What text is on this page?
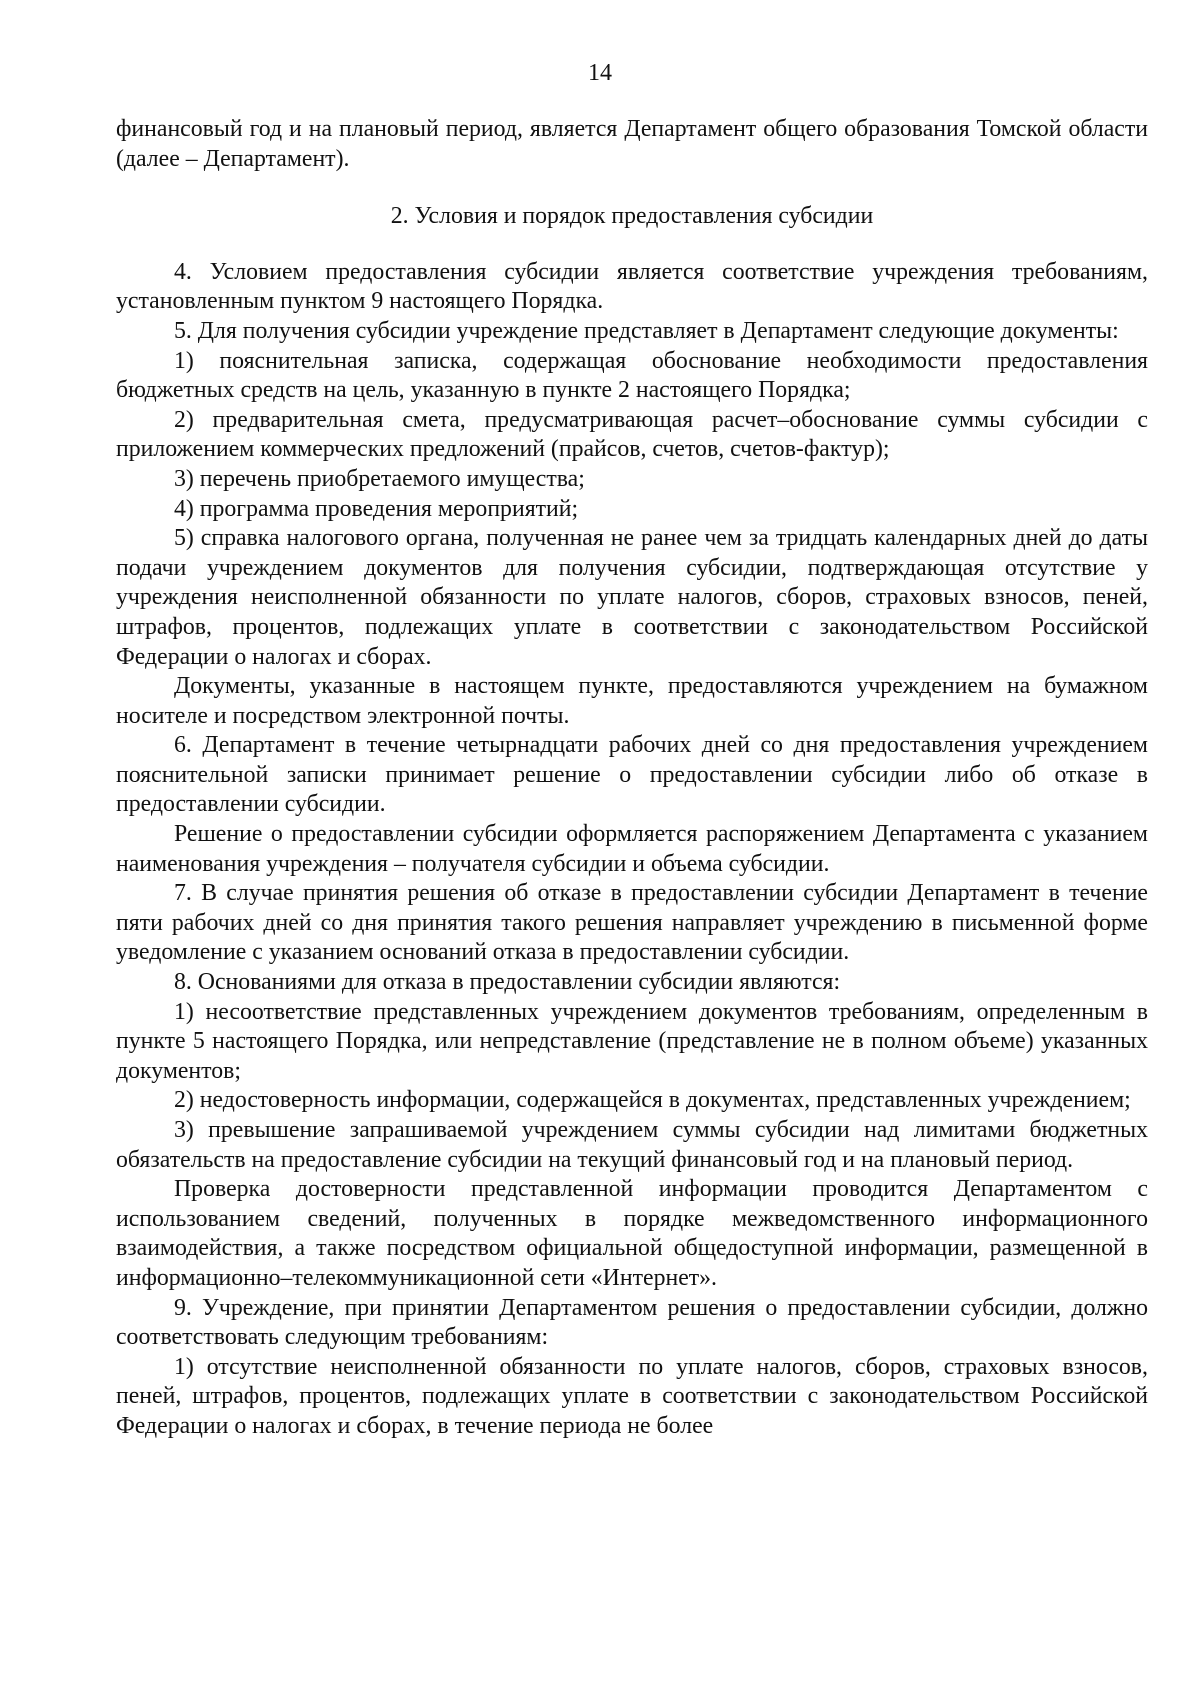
14

финансовый год и на плановый период, является Департамент общего образования Томской области (далее – Департамент).

2. Условия и порядок предоставления субсидии

4. Условием предоставления субсидии является соответствие учреждения требованиям, установленным пунктом 9 настоящего Порядка.

5. Для получения субсидии учреждение представляет в Департамент следующие документы:

1) пояснительная записка, содержащая обоснование необходимости предоставления бюджетных средств на цель, указанную в пункте 2 настоящего Порядка;

2) предварительная смета, предусматривающая расчет–обоснование суммы субсидии с приложением коммерческих предложений (прайсов, счетов, счетов-фактур);

3) перечень приобретаемого имущества;

4) программа проведения мероприятий;

5) справка налогового органа, полученная не ранее чем за тридцать календарных дней до даты подачи учреждением документов для получения субсидии, подтверждающая отсутствие у учреждения неисполненной обязанности по уплате налогов, сборов, страховых взносов, пеней, штрафов, процентов, подлежащих уплате в соответствии с законодательством Российской Федерации о налогах и сборах.

Документы, указанные в настоящем пункте, предоставляются учреждением на бумажном носителе и посредством электронной почты.

6. Департамент в течение четырнадцати рабочих дней со дня предоставления учреждением пояснительной записки принимает решение о предоставлении субсидии либо об отказе в предоставлении субсидии.

Решение о предоставлении субсидии оформляется распоряжением Департамента с указанием наименования учреждения – получателя субсидии и объема субсидии.

7. В случае принятия решения об отказе в предоставлении субсидии Департамент в течение пяти рабочих дней со дня принятия такого решения направляет учреждению в письменной форме уведомление с указанием оснований отказа в предоставлении субсидии.

8. Основаниями для отказа в предоставлении субсидии являются:

1) несоответствие представленных учреждением документов требованиям, определенным в пункте 5 настоящего Порядка, или непредставление (представление не в полном объеме) указанных документов;

2) недостоверность информации, содержащейся в документах, представленных учреждением;

3) превышение запрашиваемой учреждением суммы субсидии над лимитами бюджетных обязательств на предоставление субсидии на текущий финансовый год и на плановый период.

Проверка достоверности представленной информации проводится Департаментом с использованием сведений, полученных в порядке межведомственного информационного взаимодействия, а также посредством официальной общедоступной информации, размещенной в информационно–телекоммуникационной сети «Интернет».

9. Учреждение, при принятии Департаментом решения о предоставлении субсидии, должно соответствовать следующим требованиям:

1) отсутствие неисполненной обязанности по уплате налогов, сборов, страховых взносов, пеней, штрафов, процентов, подлежащих уплате в соответствии с законодательством Российской Федерации о налогах и сборах, в течение периода не более
